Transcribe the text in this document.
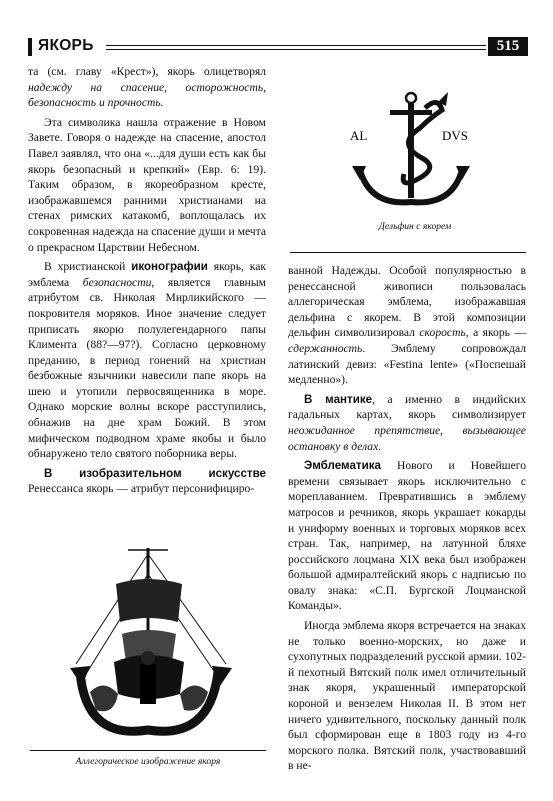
ЯКОРЬ	515

та (см. главу «Крест»), якорь олицетворял надежду на спасение, осторожность, безопасность и прочность.

Эта символика нашла отражение в Новом Завете. Говоря о надежде на спасение, апостол Павел заявлял, что она «...для души есть как бы якорь безопасный и крепкий» (Евр. 6: 19). Таким образом, в якореобразном кресте, изображавшемся ранними христианами на стенах римских катакомб, воплощалась их сокровенная надежда на спасение души и мечта о прекрасном Царствии Небесном.

В христианской иконографии якорь, как эмблема безопасности, является главным атрибутом св. Николая Мирликийского — покровителя моряков. Иное значение следует приписать якорю полулегендарного папы Климента (88?—97?). Согласно церковному преданию, в период гонений на христиан безбожные язычники навесили папе якорь на шею и утопили первосвященника в море. Однако морские волны вскоре расступились, обнажив на дне храм Божий. В этом мифическом подводном храме якобы и было обнаружено тело святого поборника веры.

В изобразительном искусстве Ренессанса якорь — атрибут персонифициро-

AL	DVS
Дельфин с якорем

ванной Надежды. Особой популярностью в ренессансной живописи пользовалась аллегорическая эмблема, изображавшая дельфина с якорем. В этой композиции дельфин символизировал скорость, а якорь — сдержанность. Эмблему сопровождал латинский девиз: «Festina lente» («Поспешай медленно»).

В мантике, а именно в индийских гадальных картах, якорь символизирует неожиданное препятствие, вызывающее остановку в делах.

Эмблематика Нового и Новейшего времени связывает якорь исключительно с мореплаванием. Превратившись в эмблему матросов и речников, якорь украшает кокарды и униформу военных и торговых моряков всех стран. Так, например, на латунной бляхе российского лоцмана XIX века был изображен большой адмиралтейский якорь с надписью по овалу знака: «С.П. Бургской Лоцманской Команды».

Иногда эмблема якоря встречается на знаках не только военно-морских, но даже и сухопутных подразделений русской армии. 102-й пехотный Вятский полк имел отличительный знак якоря, украшенный императорской короной и вензелем Николая II. В этом нет ничего удивительного, поскольку данный полк был сформирован еще в 1803 году из 4-го морского полка. Вятский полк, участвовавший в не-

Аллегорическое изображение якоря
